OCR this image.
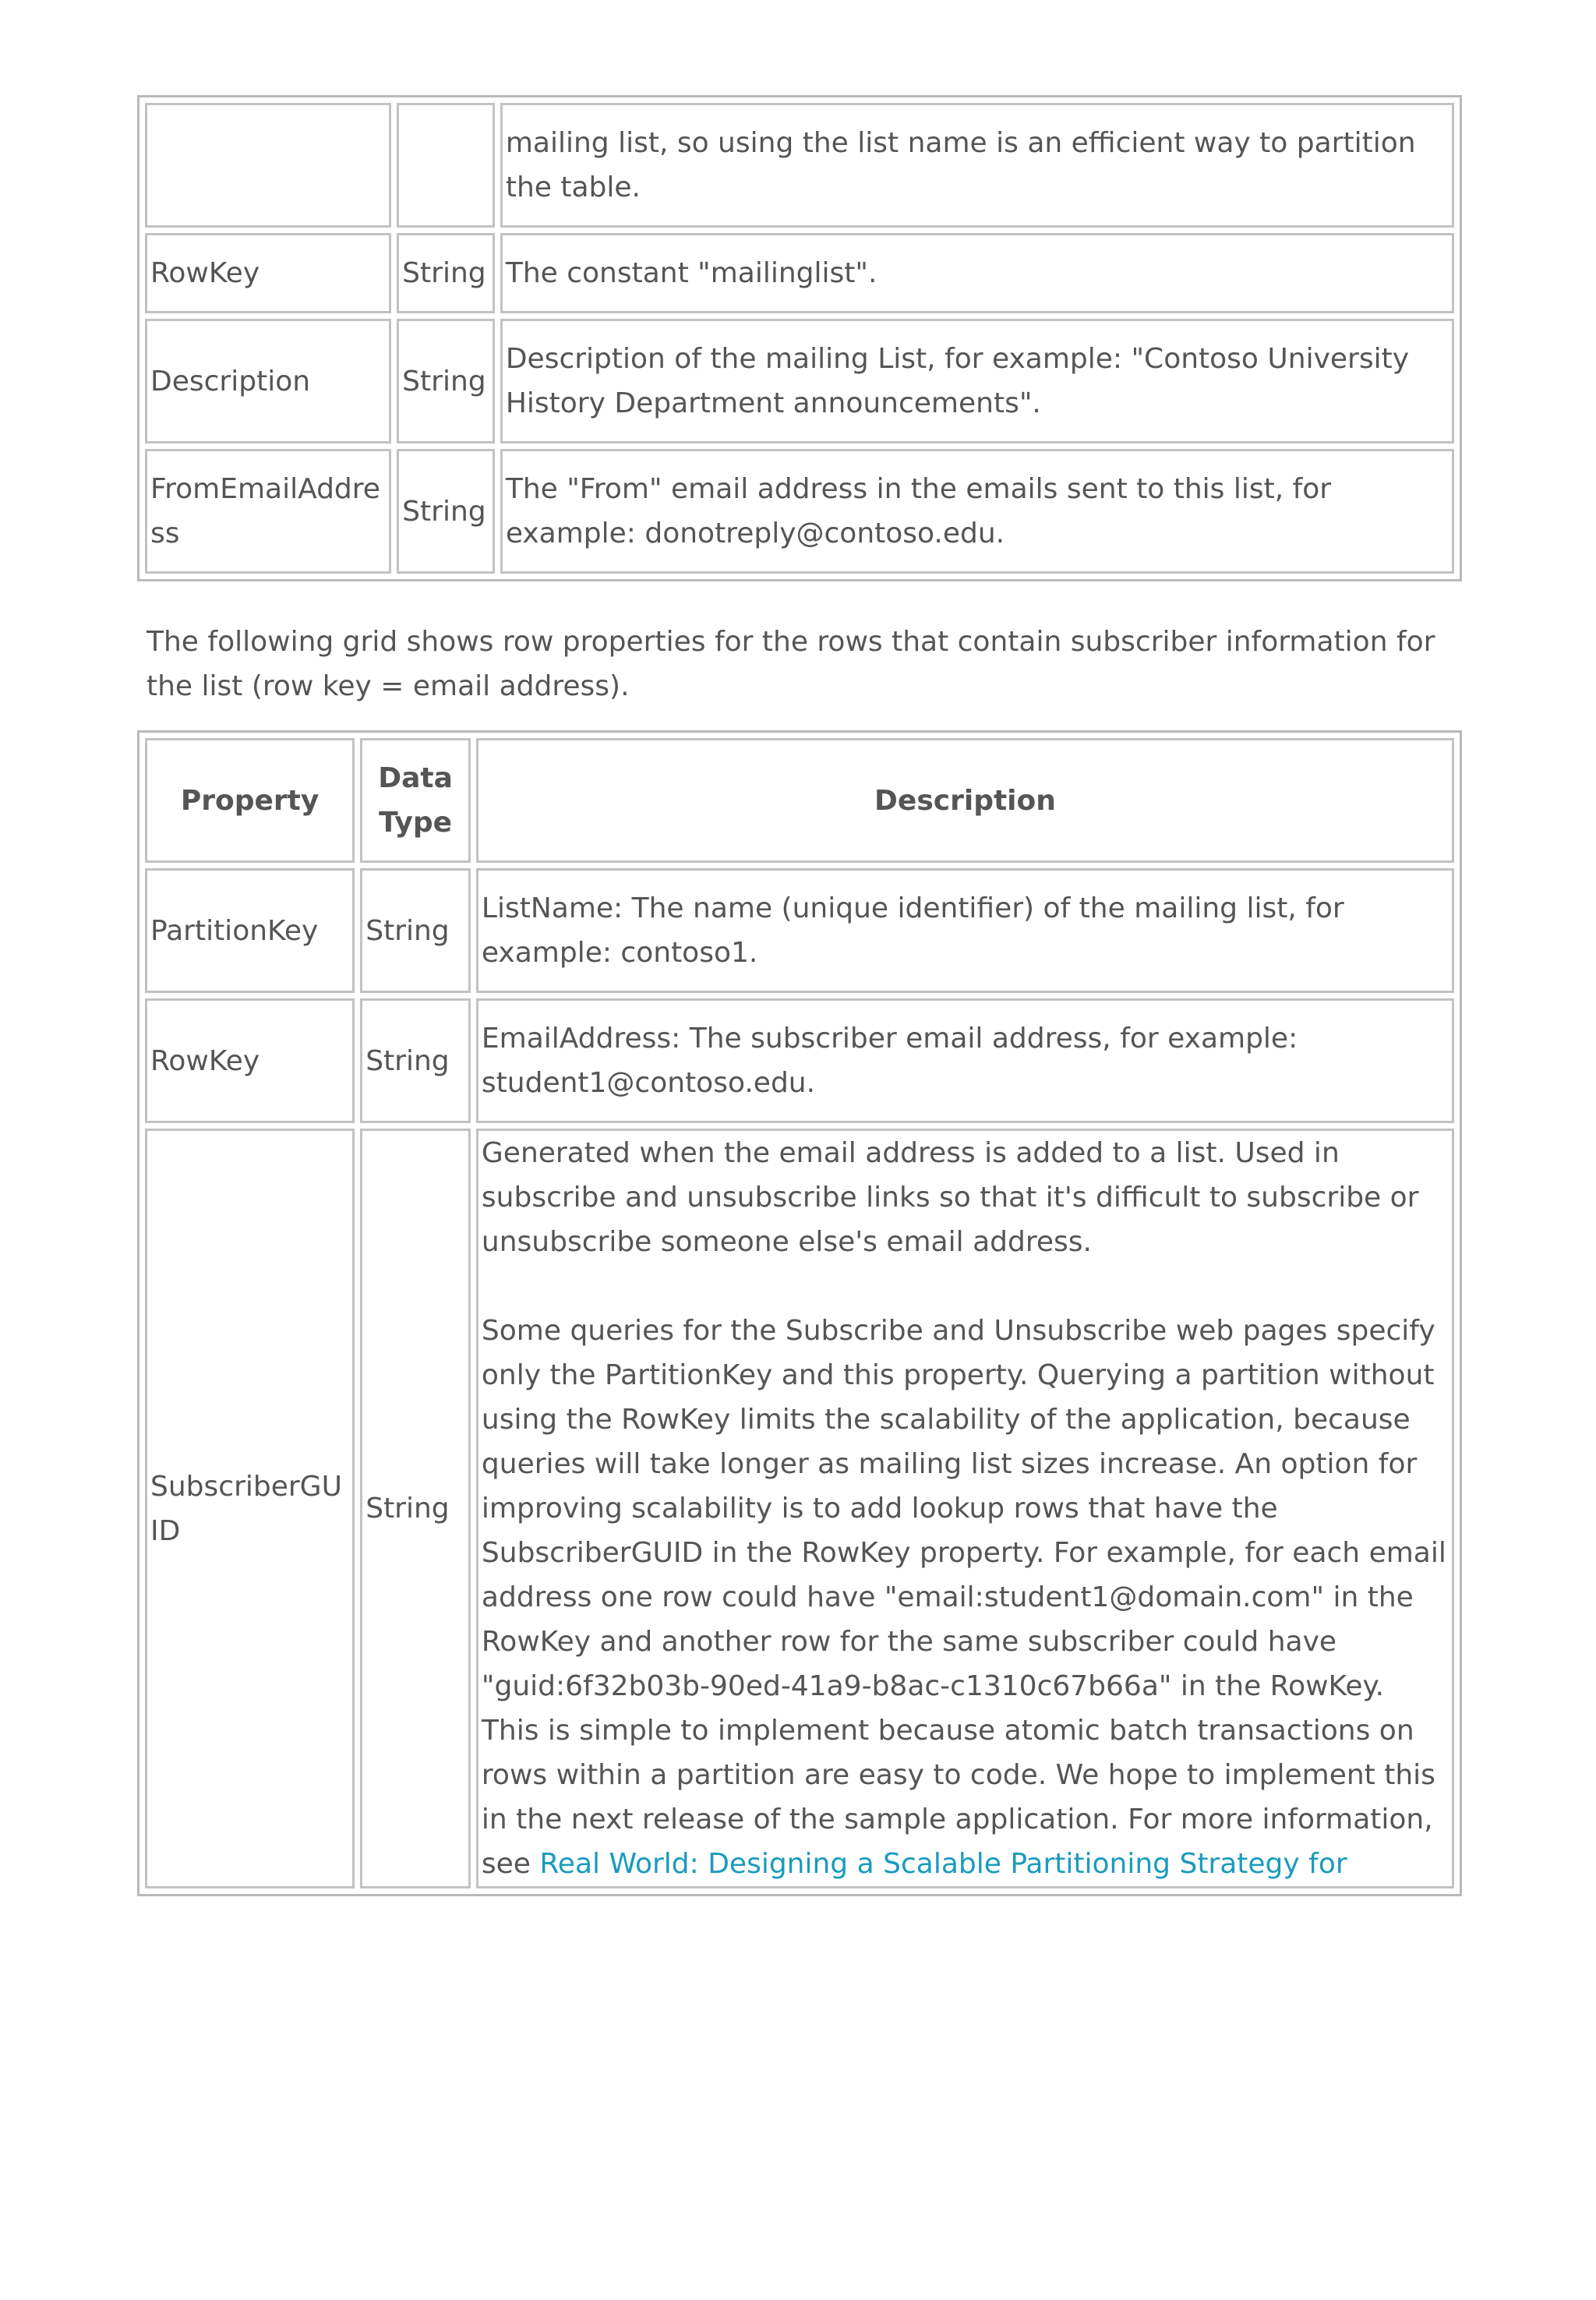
		mailing list, so using the list name is an efficient way to partition the table.
RowKey	String	The constant "mailinglist".
Description	String	Description of the mailing List, for example: "Contoso University History Department announcements".
FromEmailAddress	String	The "From" email address in the emails sent to this list, for example: donotreply@contoso.edu.

The following grid shows row properties for the rows that contain subscriber information for the list (row key = email address).

Property	Data Type	Description
PartitionKey	String	ListName: The name (unique identifier) of the mailing list, for example: contoso1.
RowKey	String	EmailAddress: The subscriber email address, for example: student1@contoso.edu.
SubscriberGUID	String	Generated when the email address is added to a list. Used in subscribe and unsubscribe links so that it's difficult to subscribe or unsubscribe someone else's email address.
Some queries for the Subscribe and Unsubscribe web pages specify only the PartitionKey and this property. Querying a partition without using the RowKey limits the scalability of the application, because queries will take longer as mailing list sizes increase. An option for improving scalability is to add lookup rows that have the SubscriberGUID in the RowKey property. For example, for each email address one row could have "email:student1@domain.com" in the RowKey and another row for the same subscriber could have "guid:6f32b03b-90ed-41a9-b8ac-c1310c67b66a" in the RowKey. This is simple to implement because atomic batch transactions on rows within a partition are easy to code. We hope to implement this in the next release of the sample application. For more information, see Real World: Designing a Scalable Partitioning Strategy for
